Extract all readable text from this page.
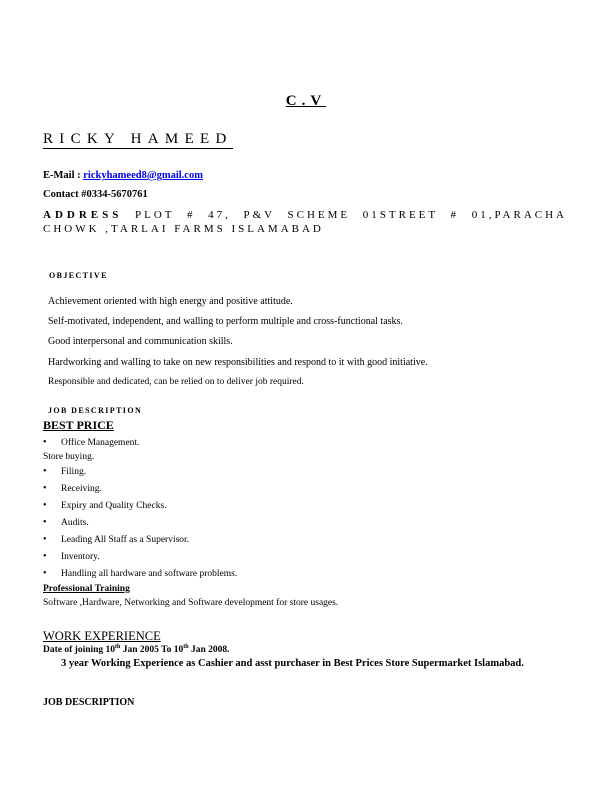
C.V
RICKY HAMEED
E-Mail : rickyhameed8@gmail.com
Contact #0334-5670761
ADDRESS PLOT # 47, P&V SCHEME 01STREET # 01,PARACHA CHOWK ,TARLAI FARMS ISLAMABAD
OBJECTIVE
Achievement oriented with high energy and positive attitude.
Self-motivated, independent, and walling to perform multiple and cross-functional tasks.
Good interpersonal and communication skills.
Hardworking and walling to take on new responsibilities and respond to it with good initiative.
Responsible and dedicated, can be relied on to deliver job required.
JOB DESCRIPTION
BEST PRICE
• Office Management.
Store buying.
• Filing.
• Receiving.
• Expiry and Quality Checks.
• Audits.
• Leading All Staff as a Supervisor.
• Inventory.
• Handling all hardware and software problems.
Professional Training
Software ,Hardware, Networking and Software development for store usages.
WORK EXPERIENCE
Date of joining 10th Jan 2005 To 10th Jan 2008.
3 year Working Experience as Cashier and asst purchaser in Best Prices Store Supermarket Islamabad.
JOB DESCRIPTION
